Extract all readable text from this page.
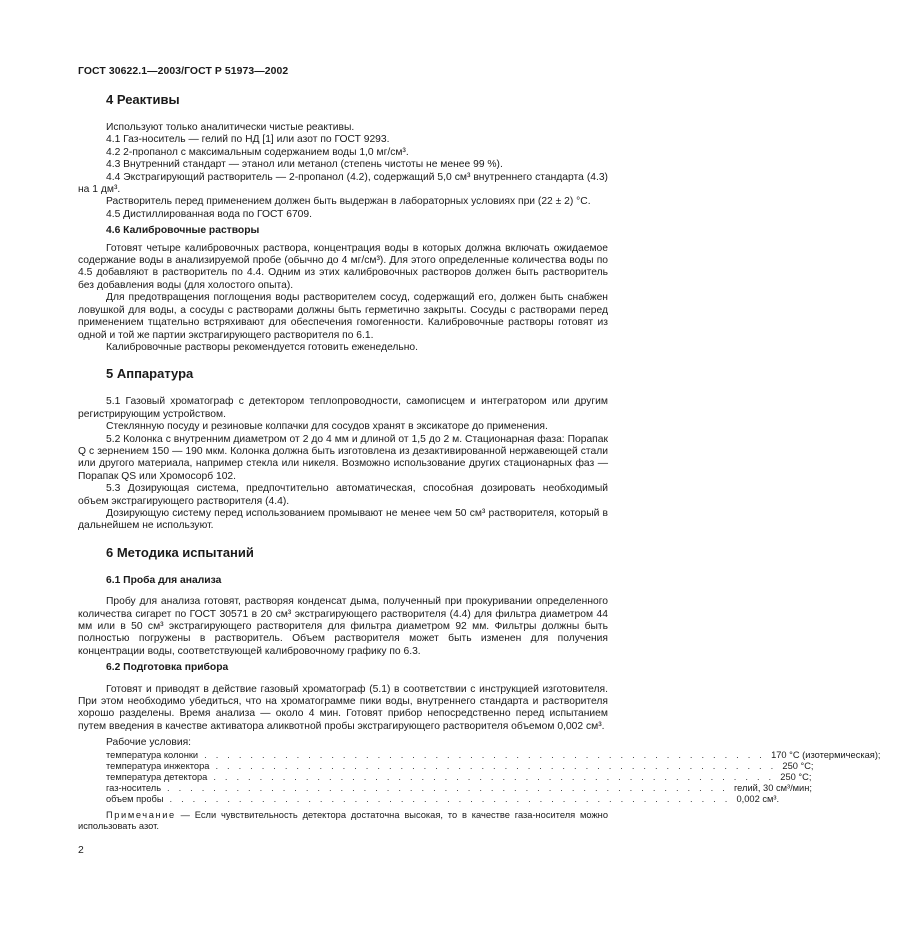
ГОСТ 30622.1—2003/ГОСТ Р 51973—2002
4 Реактивы

Используют только аналитически чистые реактивы.

4.1 Газ-носитель — гелий по НД [1] или азот по ГОСТ 9293.

4.2 2-пропанол с максимальным содержанием воды 1,0 мг/см³.

4.3 Внутренний стандарт — этанол или метанол (степень чистоты не менее 99 %).

4.4 Экстрагирующий растворитель — 2-пропанол (4.2), содержащий 5,0 см³ внутреннего стандарта (4.3) на 1 дм³.

Растворитель перед применением должен быть выдержан в лабораторных условиях при (22 ± 2) °С.

4.5 Дистиллированная вода по ГОСТ 6709.

4.6 Калибровочные растворы

Готовят четыре калибровочных раствора, концентрация воды в которых должна включать ожидаемое содержание воды в анализируемой пробе (обычно до 4 мг/см³). Для этого определенные количества воды по 4.5 добавляют в растворитель по 4.4. Одним из этих калибровочных растворов должен быть растворитель без добавления воды (для холостого опыта).

Для предотвращения поглощения воды растворителем сосуд, содержащий его, должен быть снабжен ловушкой для воды, а сосуды с растворами должны быть герметично закрыты. Сосуды с растворами перед применением тщательно встряхивают для обеспечения гомогенности. Калибровочные растворы готовят из одной и той же партии экстрагирующего растворителя по 6.1.

Калибровочные растворы рекомендуется готовить еженедельно.

5 Аппаратура

5.1 Газовый хроматограф с детектором теплопроводности, самописцем и интегратором или другим регистрирующим устройством.

Стеклянную посуду и резиновые колпачки для сосудов хранят в эксикаторе до применения.

5.2 Колонка с внутренним диаметром от 2 до 4 мм и длиной от 1,5 до 2 м. Стационарная фаза: Порапак Q с зернением 150 — 190 мкм. Колонка должна быть изготовлена из дезактивированной нержавеющей стали или другого материала, например стекла или никеля. Возможно использование других стационарных фаз — Порапак QS или Хромосорб 102.

5.3 Дозирующая система, предпочтительно автоматическая, способная дозировать необходимый объем экстрагирующего растворителя (4.4).

Дозирующую систему перед использованием промывают не менее чем 50 см³ растворителя, который в дальнейшем не используют.

6 Методика испытаний
6.1 Проба для анализа

Пробу для анализа готовят, растворяя конденсат дыма, полученный при прокуривании определенного количества сигарет по ГОСТ 30571 в 20 см³ экстрагирующего растворителя (4.4) для фильтра диаметром 44 мм или в 50 см³ экстрагирующего растворителя для фильтра диаметром 92 мм. Фильтры должны быть полностью погружены в растворитель. Объем растворителя может быть изменен для получения концентрации воды, соответствующей калибровочному графику по 6.3.

6.2 Подготовка прибора

Готовят и приводят в действие газовый хроматограф (5.1) в соответствии с инструкцией изготовителя. При этом необходимо убедиться, что на хроматограмме пики воды, внутреннего стандарта и растворителя хорошо разделены. Время анализа — около 4 мин. Готовят прибор непосредственно перед испытанием путем введения в качестве активатора аликвотной пробы экстрагирующего растворителя объемом 0,002 см³.

Рабочие условия:

температура колонки . . . . . . . . . . . . . . . . . . . . . . . . . . . . . . . . . . . . . . . . . . . . . . . . . 170 °С (изотермическая);
температура инжектора . . . . . . . . . . . . . . . . . . . . . . . . . . . . . . . . . . . . . . . . . . . . . . . . . 250 °С;
температура детектора . . . . . . . . . . . . . . . . . . . . . . . . . . . . . . . . . . . . . . . . . . . . . . . . . 250 °С;
газ-носитель . . . . . . . . . . . . . . . . . . . . . . . . . . . . . . . . . . . . . . . . . . . . . . . . . гелий, 30 см³/мин;
объем пробы . . . . . . . . . . . . . . . . . . . . . . . . . . . . . . . . . . . . . . . . . . . . . . . . . 0,002 см³.

Примечание — Если чувствительность детектора достаточна высокая, то в качестве газа-носителя можно использовать азот.

2
